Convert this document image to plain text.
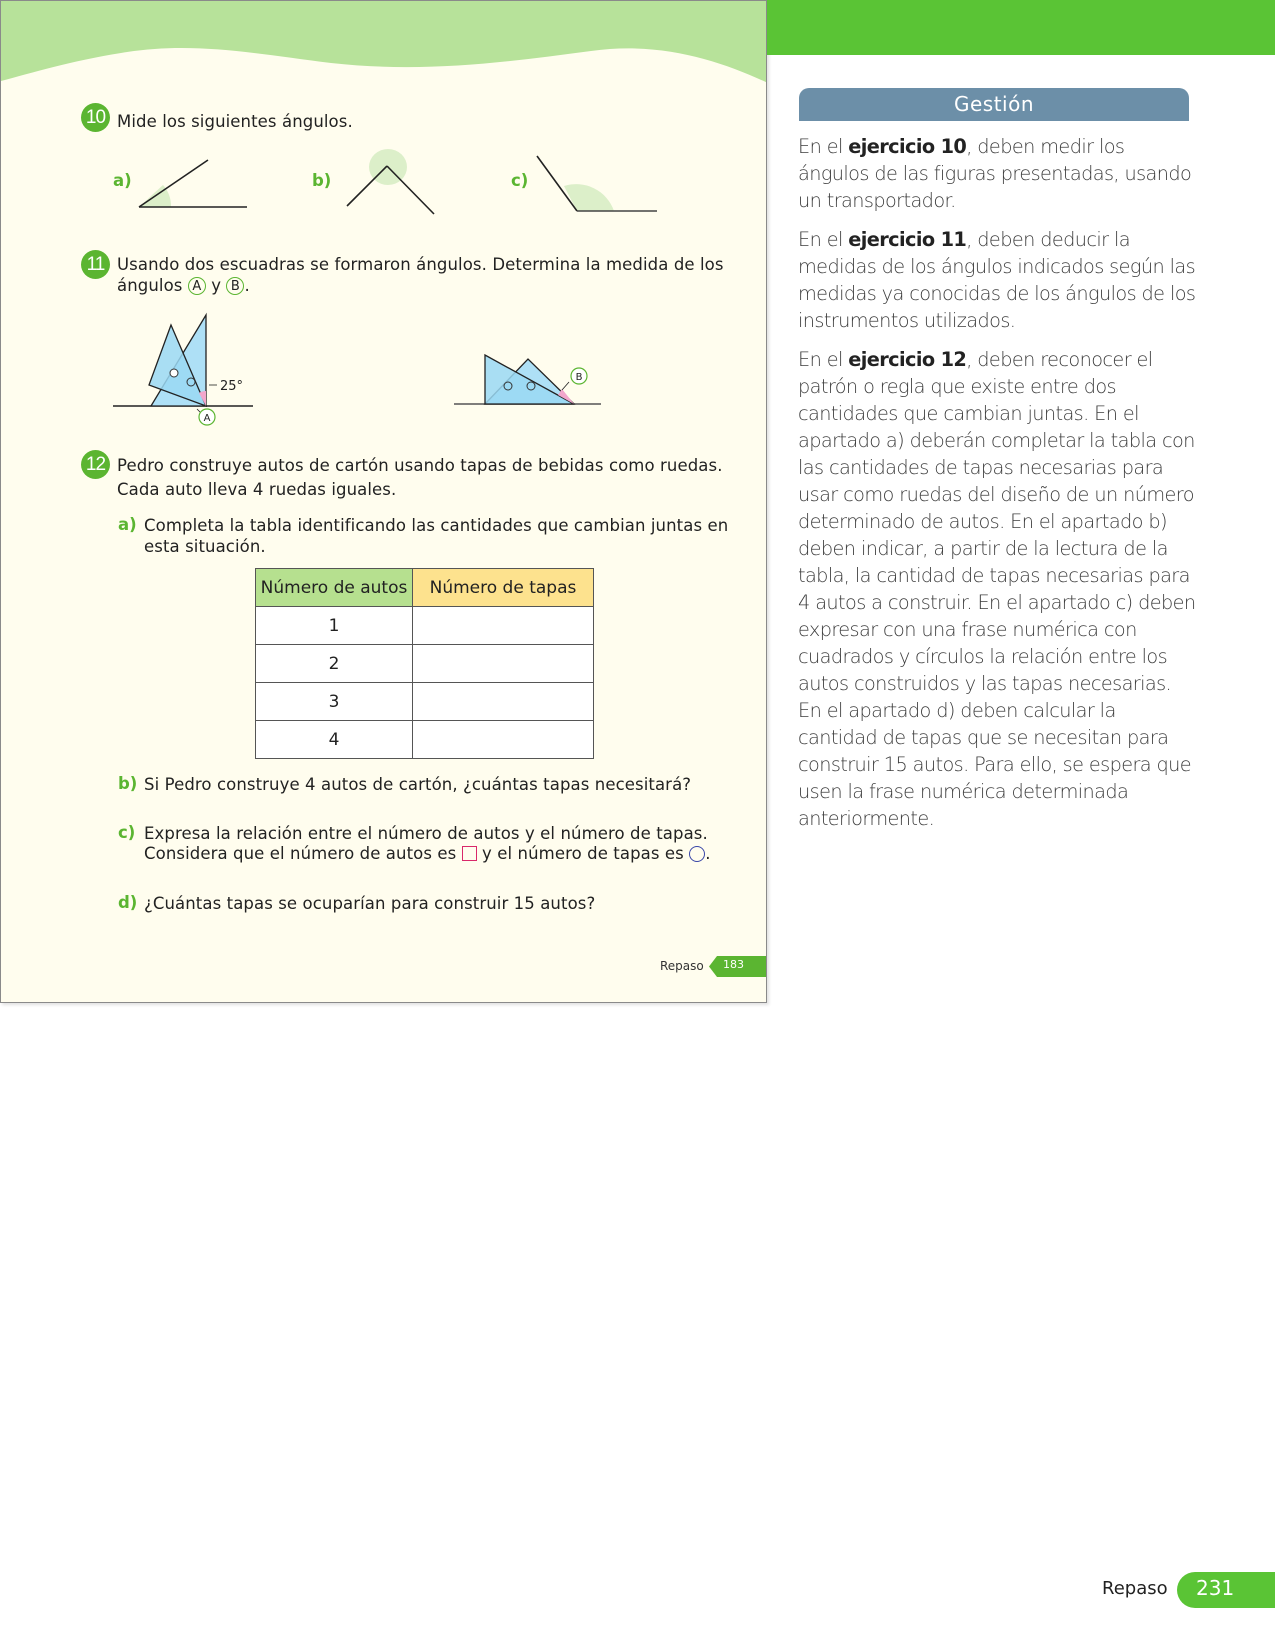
10 Mide los siguientes ángulos.
a)	b)	c)
11 Usando dos escuadras se formaron ángulos. Determina la medida de los
ángulos A y B .
A
25°
B
12 Pedro construye autos de cartón usando tapas de bebidas como ruedas.
Cada auto lleva 4 ruedas iguales.
a) Completa la tabla identificando las cantidades que cambian juntas en
esta situación.
Número de autos	Número de tapas
1	
2	
3	
4	
b) Si Pedro construye 4 autos de cartón, ¿cuántas tapas necesitará?
c) Expresa la relación entre el número de autos y el número de tapas.
Considera que el número de autos es y el número de tapas es .
d) ¿Cuántas tapas se ocuparían para construir 15 autos?
Repaso 183
Gestión

En el ejercicio 10, deben medir los ángulos de las figuras presentadas, usando un transportador.

En el ejercicio 11, deben deducir la medidas de los ángulos indicados según las medidas ya conocidas de los ángulos de los instrumentos utilizados.

En el ejercicio 12, deben reconocer el patrón o regla que existe entre dos cantidades que cambian juntas. En el apartado a) deberán completar la tabla con las cantidades de tapas necesarias para usar como ruedas del diseño de un número determinado de autos. En el apartado b) deben indicar, a partir de la lectura de la tabla, la cantidad de tapas necesarias para 4 autos a construir. En el apartado c) deben expresar con una frase numérica con cuadrados y círculos la relación entre los autos construidos y las tapas necesarias. En el apartado d) deben calcular la cantidad de tapas que se necesitan para construir 15 autos. Para ello, se espera que usen la frase numérica determinada anteriormente.

Repaso 231
